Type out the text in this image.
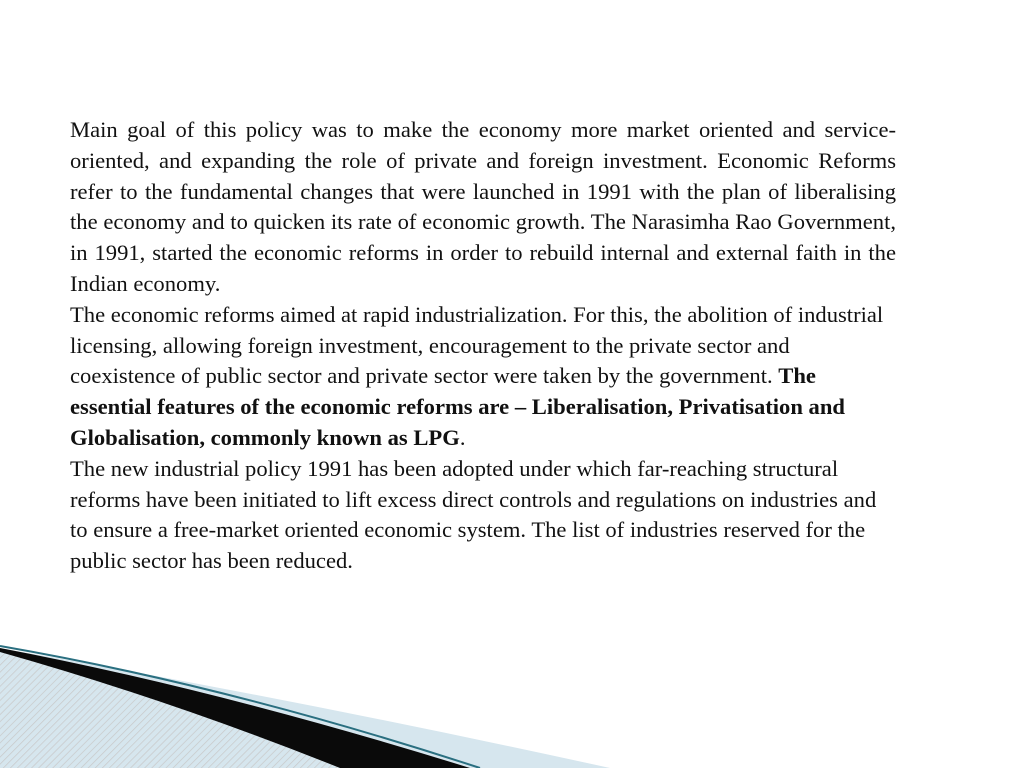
Main goal of this policy was to make the economy more market oriented and service-oriented, and expanding the role of private and foreign investment. Economic Reforms refer to the fundamental changes that were launched in 1991 with the plan of liberalising the economy and to quicken its rate of economic growth. The Narasimha Rao Government, in 1991, started the economic reforms in order to rebuild internal and external faith in the Indian economy.

The economic reforms aimed at rapid industrialization. For this, the abolition of industrial licensing, allowing foreign investment, encouragement to the private sector and coexistence of public sector and private sector were taken by the government. The essential features of the economic reforms are – Liberalisation, Privatisation and Globalisation, commonly known as LPG.

The new industrial policy 1991 has been adopted under which far-reaching structural reforms have been initiated to lift excess direct controls and regulations on industries and to ensure a free-market oriented economic system. The list of industries reserved for the public sector has been reduced.
